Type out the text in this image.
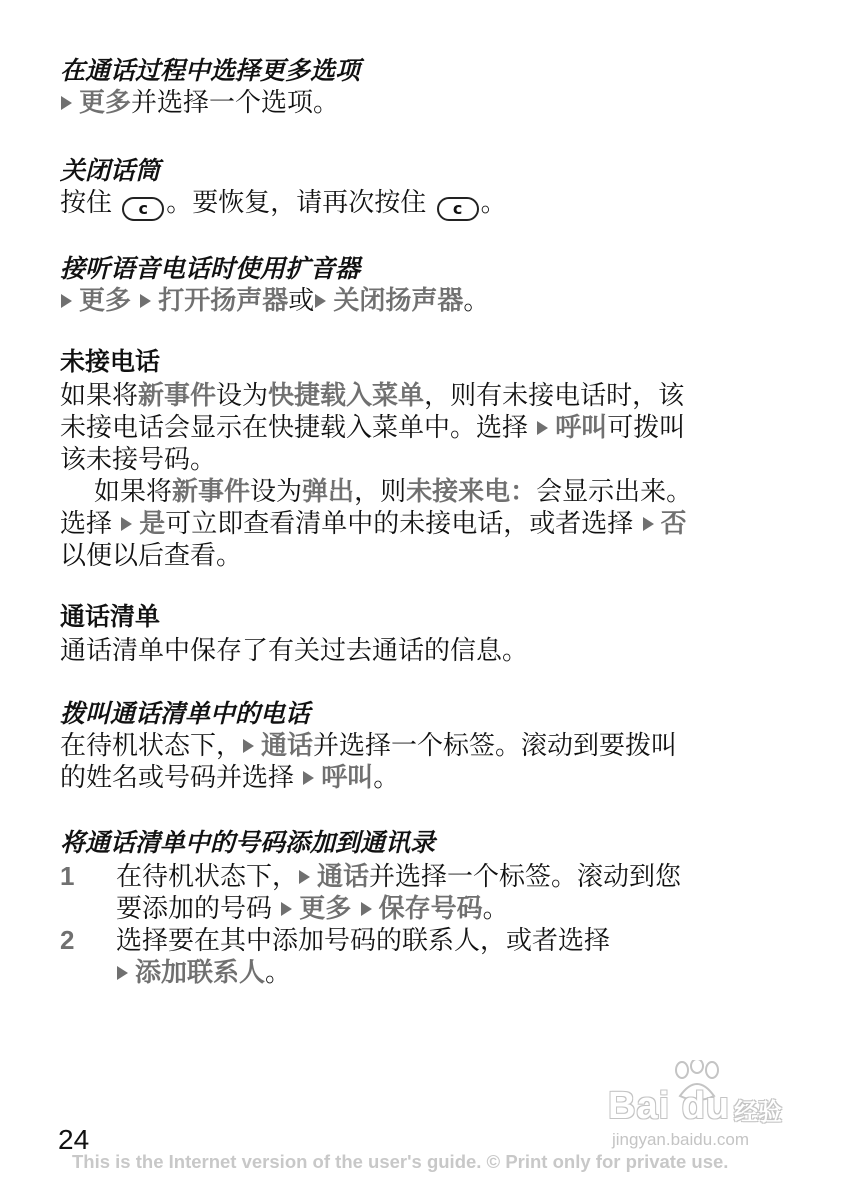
在通话过程中选择更多选项
更多并选择一个选项。
关闭话筒
按住 c 。要恢复，请再次按住 c 。
接听语音电话时使用扩音器
更多 打开扬声器或 关闭扬声器。
未接电话
如果将新事件设为快捷载入菜单，则有未接电话时，该
未接电话会显示在快捷载入菜单中。选择 呼叫可拨叫
该未接号码。
如果将新事件设为弹出，则未接来电：会显示出来。
选择 是可立即查看清单中的未接电话，或者选择 否
以便以后查看。
通话清单
通话清单中保存了有关过去通话的信息。
拨叫通话清单中的电话
在待机状态下， 通话并选择一个标签。滚动到要拨叫
的姓名或号码并选择 呼叫。
将通话清单中的号码添加到通讯录
1 在待机状态下， 通话并选择一个标签。滚动到您
要添加的号码 更多 保存号码。
2 选择要在其中添加号码的联系人，或者选择
添加联系人。
Bai du 经验
jingyan.baidu.com
24
This is the Internet version of the user's guide. © Print only for private use.
